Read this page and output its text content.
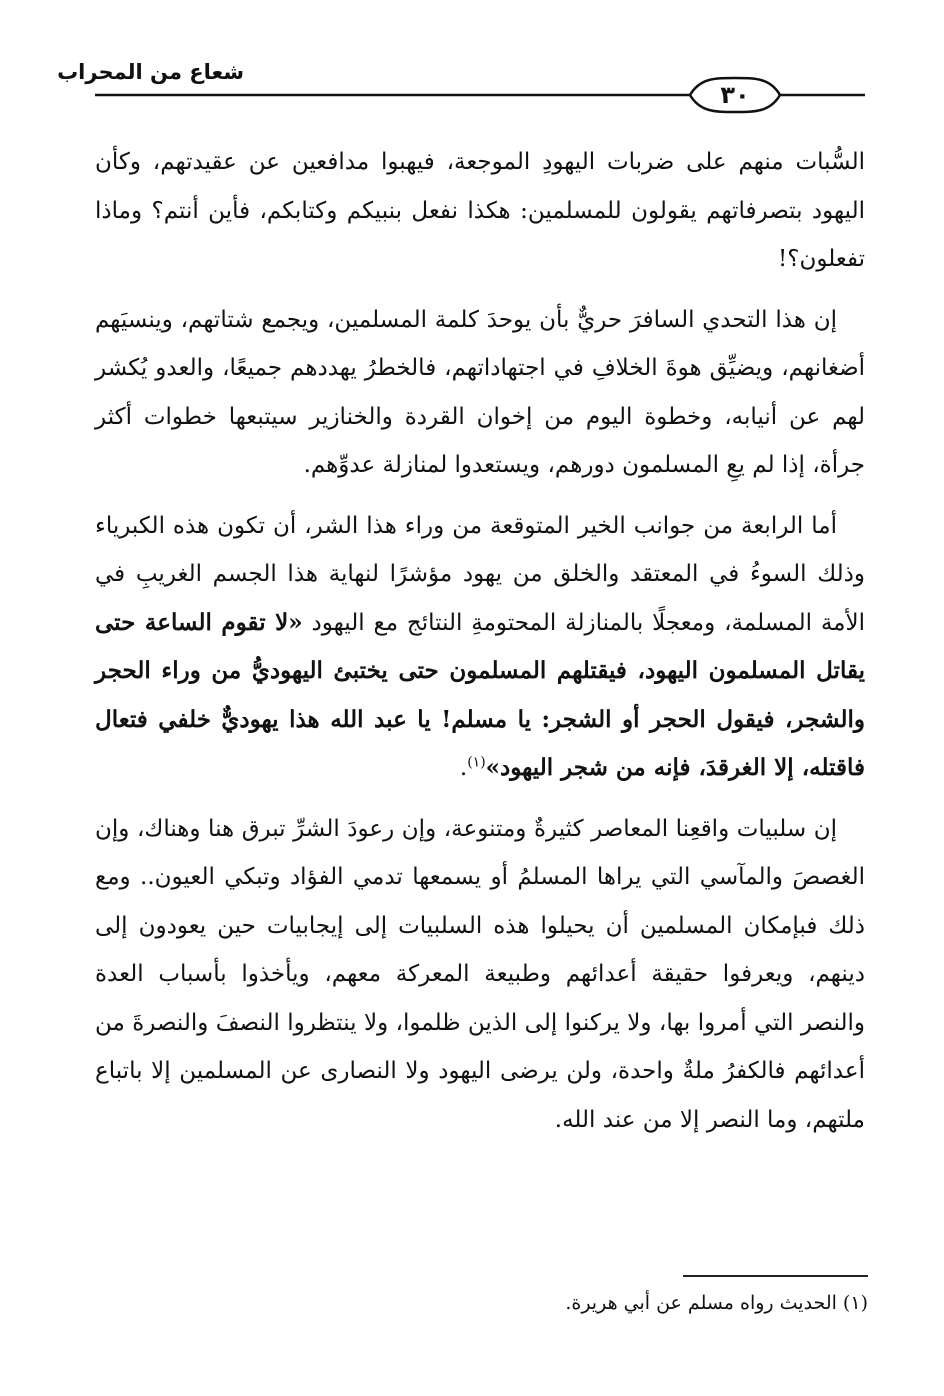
شعاع من المحراب
٣٠

السُّبات منهم على ضربات اليهودِ الموجعة، فيهبوا مدافعين عن عقيدتهم، وكأن اليهود بتصرفاتهم يقولون للمسلمين: هكذا نفعل بنبيكم وكتابكم، فأين أنتم؟ وماذا تفعلون؟!

إن هذا التحدي السافرَ حريٌّ بأن يوحدَ كلمة المسلمين، ويجمع شتاتهم، وينسيَهم أضغانهم، ويضيِّق هوةَ الخلافِ في اجتهاداتهم، فالخطرُ يهددهم جميعًا، والعدو يُكشر لهم عن أنيابه، وخطوة اليوم من إخوان القردة والخنازير سيتبعها خطوات أكثر جرأة، إذا لم يعِ المسلمون دورهم، ويستعدوا لمنازلة عدوِّهم.

أما الرابعة من جوانب الخير المتوقعة من وراء هذا الشر، أن تكون هذه الكبرياء وذلك السوءُ في المعتقد والخلق من يهود مؤشرًا لنهاية هذا الجسم الغريبِ في الأمة المسلمة، ومعجلًا بالمنازلة المحتومةِ النتائج مع اليهود «لا تقوم الساعة حتى يقاتل المسلمون اليهود، فيقتلهم المسلمون حتى يختبئ اليهوديُّ من وراء الحجر والشجر، فيقول الحجر أو الشجر: يا مسلم! يا عبد الله هذا يهوديٌّ خلفي فتعال فاقتله، إلا الغرقدَ، فإنه من شجر اليهود»$^{(١)}$.

إن سلبيات واقعِنا المعاصر كثيرةٌ ومتنوعة، وإن رعودَ الشرِّ تبرق هنا وهناك، وإن الغصصَ والمآسي التي يراها المسلمُ أو يسمعها تدمي الفؤاد وتبكي العيون.. ومع ذلك فبإمكان المسلمين أن يحيلوا هذه السلبيات إلى إيجابيات حين يعودون إلى دينهم، ويعرفوا حقيقة أعدائهم وطبيعة المعركة معهم، ويأخذوا بأسباب العدة والنصر التي أمروا بها، ولا يركنوا إلى الذين ظلموا، ولا ينتظروا النصفَ والنصرةَ من أعدائهم فالكفرُ ملةٌ واحدة، ولن يرضى اليهود ولا النصارى عن المسلمين إلا باتباع ملتهم، وما النصر إلا من عند الله.

(١) الحديث رواه مسلم عن أبي هريرة.
